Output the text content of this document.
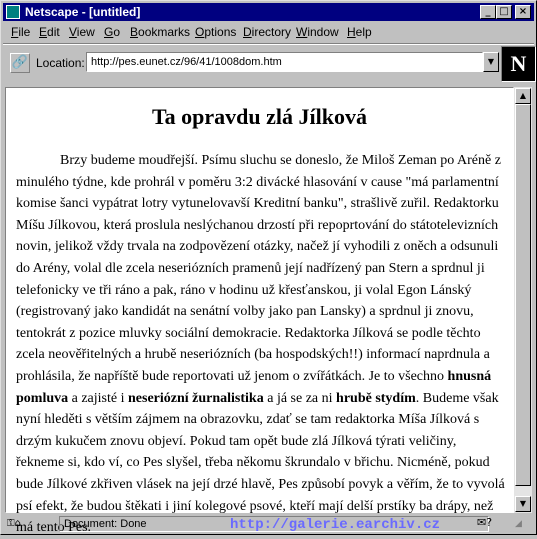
Netscape - [untitled]	_ □	×
File Edit View Go Bookmarks Options Directory Window Help
🔗 Location:
http://pes.eunet.cz/96/41/1008dom.htm	▼ N
Ta opravdu zlá Jílková

Brzy budeme moudřejší. Psímu sluchu se doneslo, že Miloš Zeman po Aréně z minulého týdne, kde prohrál v poměru 3:2 divácké hlasování v cause "má parlamentní komise šanci vypátrat lotry vytunelovavší Kreditní banku", strašlivě zuřil. Redaktorku Míšu Jílkovou, která proslula neslýchanou drzostí při repoprtování do státotelevizních novin, jelikož vždy trvala na zodpovězení otázky, načež jí vyhodili z oněch a odsunuli do Arény, volal dle zcela neseriózních pramenů její nadřízený pan Stern a sprdnul ji telefonicky ve tři ráno a pak, ráno v hodinu už křesťanskou, ji volal Egon Lánský (registrovaný jako kandidát na senátní volby jako pan Lansky) a sprdnul ji znovu, tentokrát z pozice mluvky sociální demokracie. Redaktorka Jílková se podle těchto zcela neověřitelných a hrubě neseriózních (ba hospodských!!) informací naprdnula a prohlásila, že napříště bude reportovati už jenom o zvířátkách. Je to všechno hnusná pomluva a zajisté i neseriózní žurnalistika a já se za ni hrubě stydím. Budeme však nyní hleděti s větším zájmem na obrazovku, zdať se tam redaktorka Míša Jílková s drzým kukučem znovu objeví. Pokud tam opět bude zlá Jílková týrati veličiny, řekneme si, kdo ví, co Pes slyšel, třeba někomu škrundalo v břichu. Nicméně, pokud bude Jílkové zkřiven vlásek na její drzé hlavě, Pes způsobí povyk a věřím, že to vyvolá psí efekt, že budou štěkati i jiní kolegové psové, kteří mají delší prstíky ba drápy, než má tento Pes.

▲
▼
⚿⌂	Document: Done	http://galerie.earchiv.cz	✉?	◢
